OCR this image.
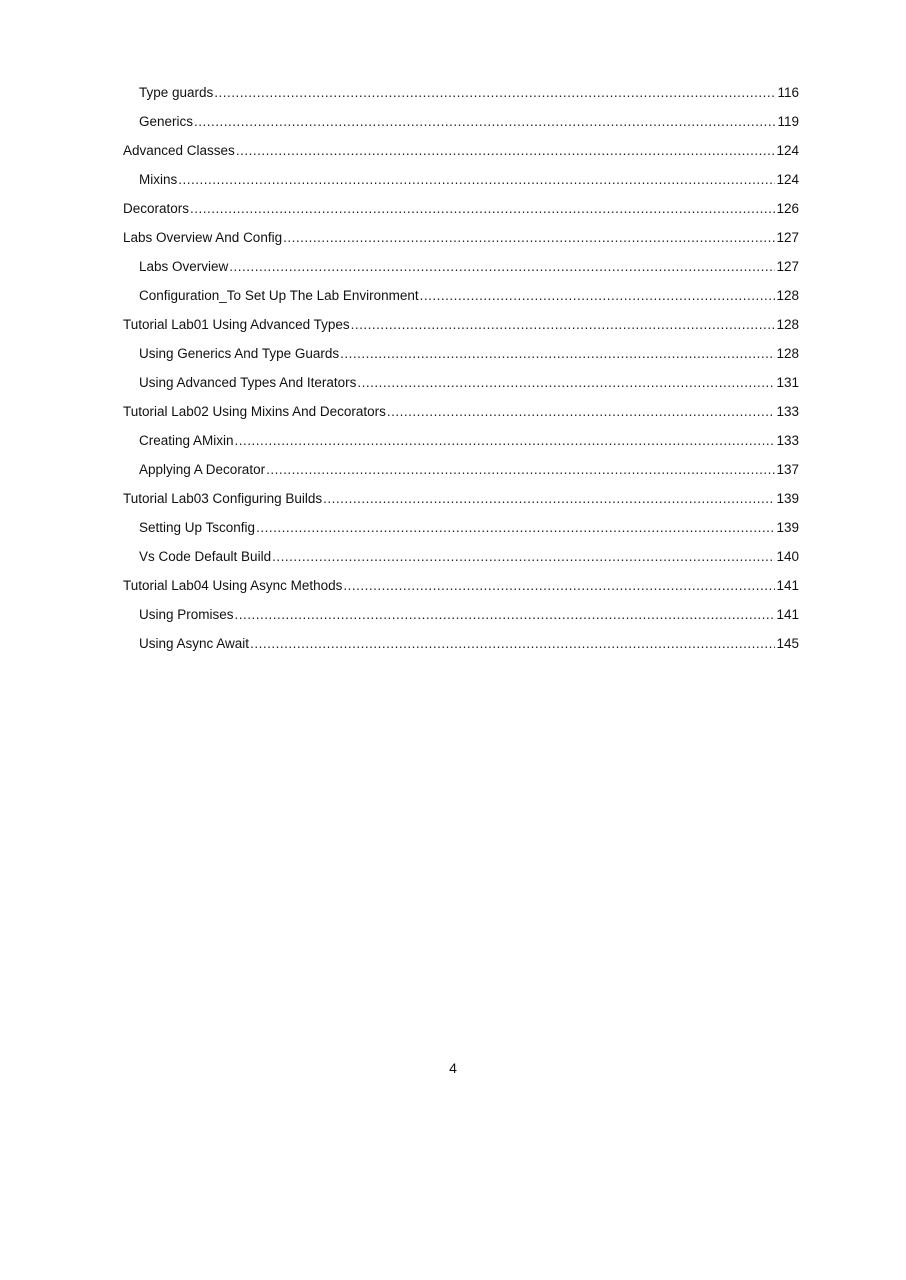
Type guards .....	116
Generics .....	119
Advanced Classes .....	124
Mixins .....	124
Decorators .....	126
Labs Overview And Config .....	127
Labs Overview .....	127
Configuration_To Set Up The Lab Environment .....	128
Tutorial Lab01 Using Advanced Types .....	128
Using Generics And Type Guards .....	128
Using Advanced Types And Iterators .....	131
Tutorial Lab02 Using Mixins And Decorators .....	133
Creating AMixin .....	133
Applying A Decorator .....	137
Tutorial Lab03 Configuring Builds .....	139
Setting Up Tsconfig .....	139
Vs Code Default Build .....	140
Tutorial Lab04 Using Async Methods .....	141
Using Promises .....	141
Using Async Await .....	145
4
